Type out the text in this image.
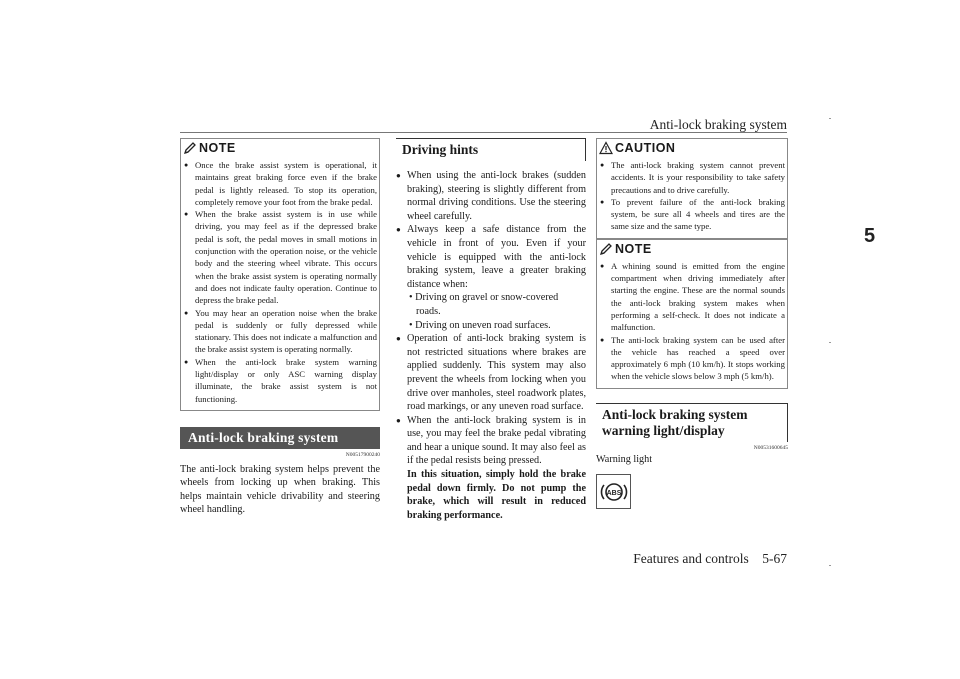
Anti-lock braking system
5
NOTE
● Once the brake assist system is operational, it maintains great braking force even if the brake pedal is lightly released. To stop its operation, completely remove your foot from the brake pedal.
● When the brake assist system is in use while driving, you may feel as if the depressed brake pedal is soft, the pedal moves in small motions in conjunction with the operation noise, or the vehicle body and the steering wheel vibrate. This occurs when the brake assist system is operating normally and does not indicate faulty operation. Continue to depress the brake pedal.
● You may hear an operation noise when the brake pedal is suddenly or fully depressed while stationary. This does not indicate a malfunction and the brake assist system is operating normally.
● When the anti-lock brake system warning light/display or only ASC warning display illuminate, the brake assist system is not functioning.
Anti-lock braking system
N00517900240
The anti-lock braking system helps prevent the wheels from locking up when braking. This helps maintain vehicle drivability and steering wheel handling.
Driving hints
● When using the anti-lock brakes (sudden braking), steering is slightly different from normal driving conditions. Use the steering wheel carefully.
● Always keep a safe distance from the vehicle in front of you. Even if your vehicle is equipped with the anti-lock braking system, leave a greater braking distance when:
• Driving on gravel or snow-covered
roads.
• Driving on uneven road surfaces.
● Operation of anti-lock braking system is not restricted situations where brakes are applied suddenly. This system may also prevent the wheels from locking when you drive over manholes, steel roadwork plates, road markings, or any uneven road surface.
● When the anti-lock braking system is in use, you may feel the brake pedal vibrating and hear a unique sound. It may also feel as if the pedal resists being pressed.
In this situation, simply hold the brake pedal down firmly. Do not pump the brake, which will result in reduced braking performance.
CAUTION
● The anti-lock braking system cannot prevent accidents. It is your responsibility to take safety precautions and to drive carefully.
● To prevent failure of the anti-lock braking system, be sure all 4 wheels and tires are the same size and the same type.
NOTE
● A whining sound is emitted from the engine compartment when driving immediately after starting the engine. These are the normal sounds the anti-lock braking system makes when performing a self-check. It does not indicate a malfunction.
● The anti-lock braking system can be used after the vehicle has reached a speed over approximately 6 mph (10 km/h). It stops working when the vehicle slows below 3 mph (5 km/h).
Anti-lock braking system warning light/display
N00531600645
Warning light
ABS
Features and controls    5-67
